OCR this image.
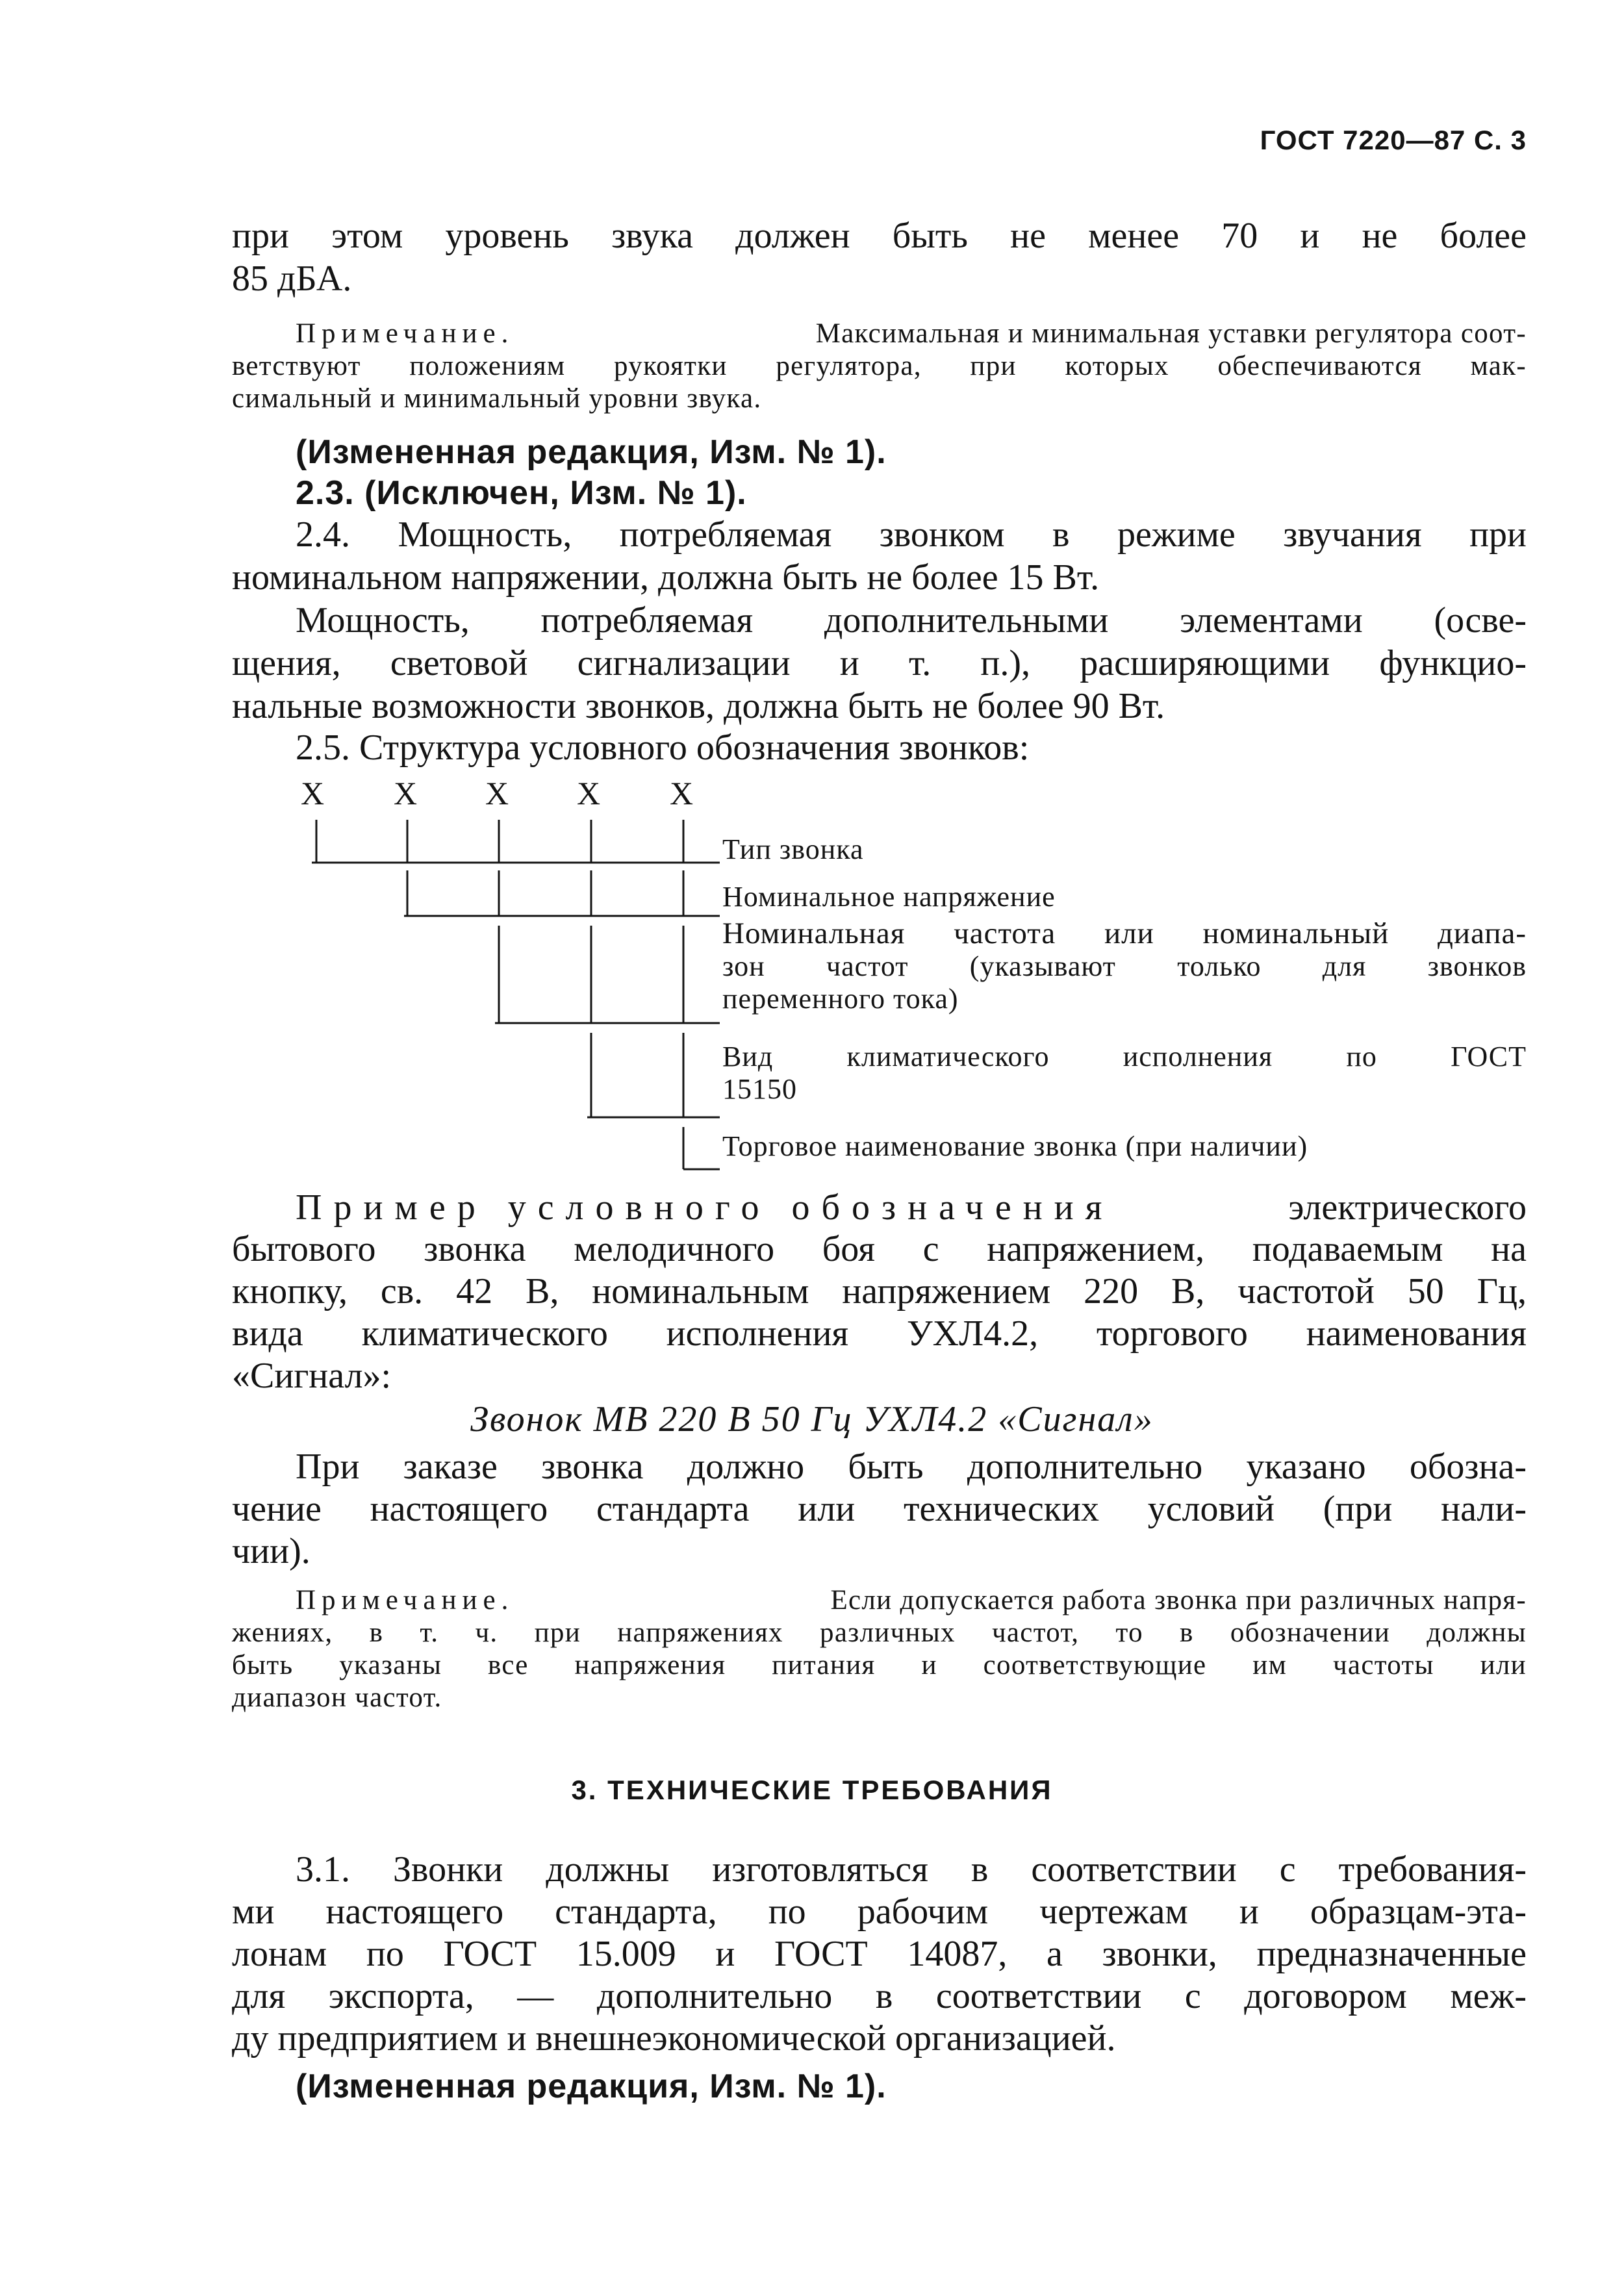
ГОСТ 7220—87 С. 3
при этом уровень звука должен быть не менее 70 и не более
85 дБА.
Примечание.	Максимальная и минимальная уставки регулятора соот-
ветствуют положениям рукоятки регулятора, при которых обеспечиваются мак-
симальный и минимальный уровни звука.
(Измененная редакция, Изм. № 1).
2.3. (Исключен, Изм. № 1).
2.4. Мощность, потребляемая звонком в режиме звучания при
номинальном напряжении, должна быть не более 15 Вт.
Мощность, потребляемая дополнительными элементами (осве-
щения, световой сигнализации и т. п.), расширяющими функцио-
нальные возможности звонков, должна быть не более 90 Вт.
2.5. Структура условного обозначения звонков:
X X X X X
Тип звонка
Номинальное напряжение
Номинальная частота или номинальный диапа-
зон частот (указывают только для звонков
переменного тока)
Вид климатического исполнения по ГОСТ
15150
Торговое наименование звонка (при наличии)
Пример условного обозначения	электрического
бытового звонка мелодичного боя с напряжением, подаваемым на
кнопку, св. 42 В, номинальным напряжением 220 В, частотой 50 Гц,
вида климатического исполнения УХЛ4.2, торгового наименования
«Сигнал»:
Звонок МВ 220 В 50 Гц УХЛ4.2 «Сигнал»
При заказе звонка должно быть дополнительно указано обозна-
чение настоящего стандарта или технических условий (при нали-
чии).
Примечание.	Если допускается работа звонка при различных напря-
жениях, в т. ч. при напряжениях различных частот, то в обозначении должны
быть указаны все напряжения питания и соответствующие им частоты или
диапазон частот.
3. ТЕХНИЧЕСКИЕ ТРЕБОВАНИЯ
3.1. Звонки должны изготовляться в соответствии с требования-
ми настоящего стандарта, по рабочим чертежам и образцам-эта-
лонам по ГОСТ 15.009 и ГОСТ 14087, а звонки, предназначенные
для экспорта, — дополнительно в соответствии с договором меж-
ду предприятием и внешнеэкономической организацией.
(Измененная редакция, Изм. № 1).
